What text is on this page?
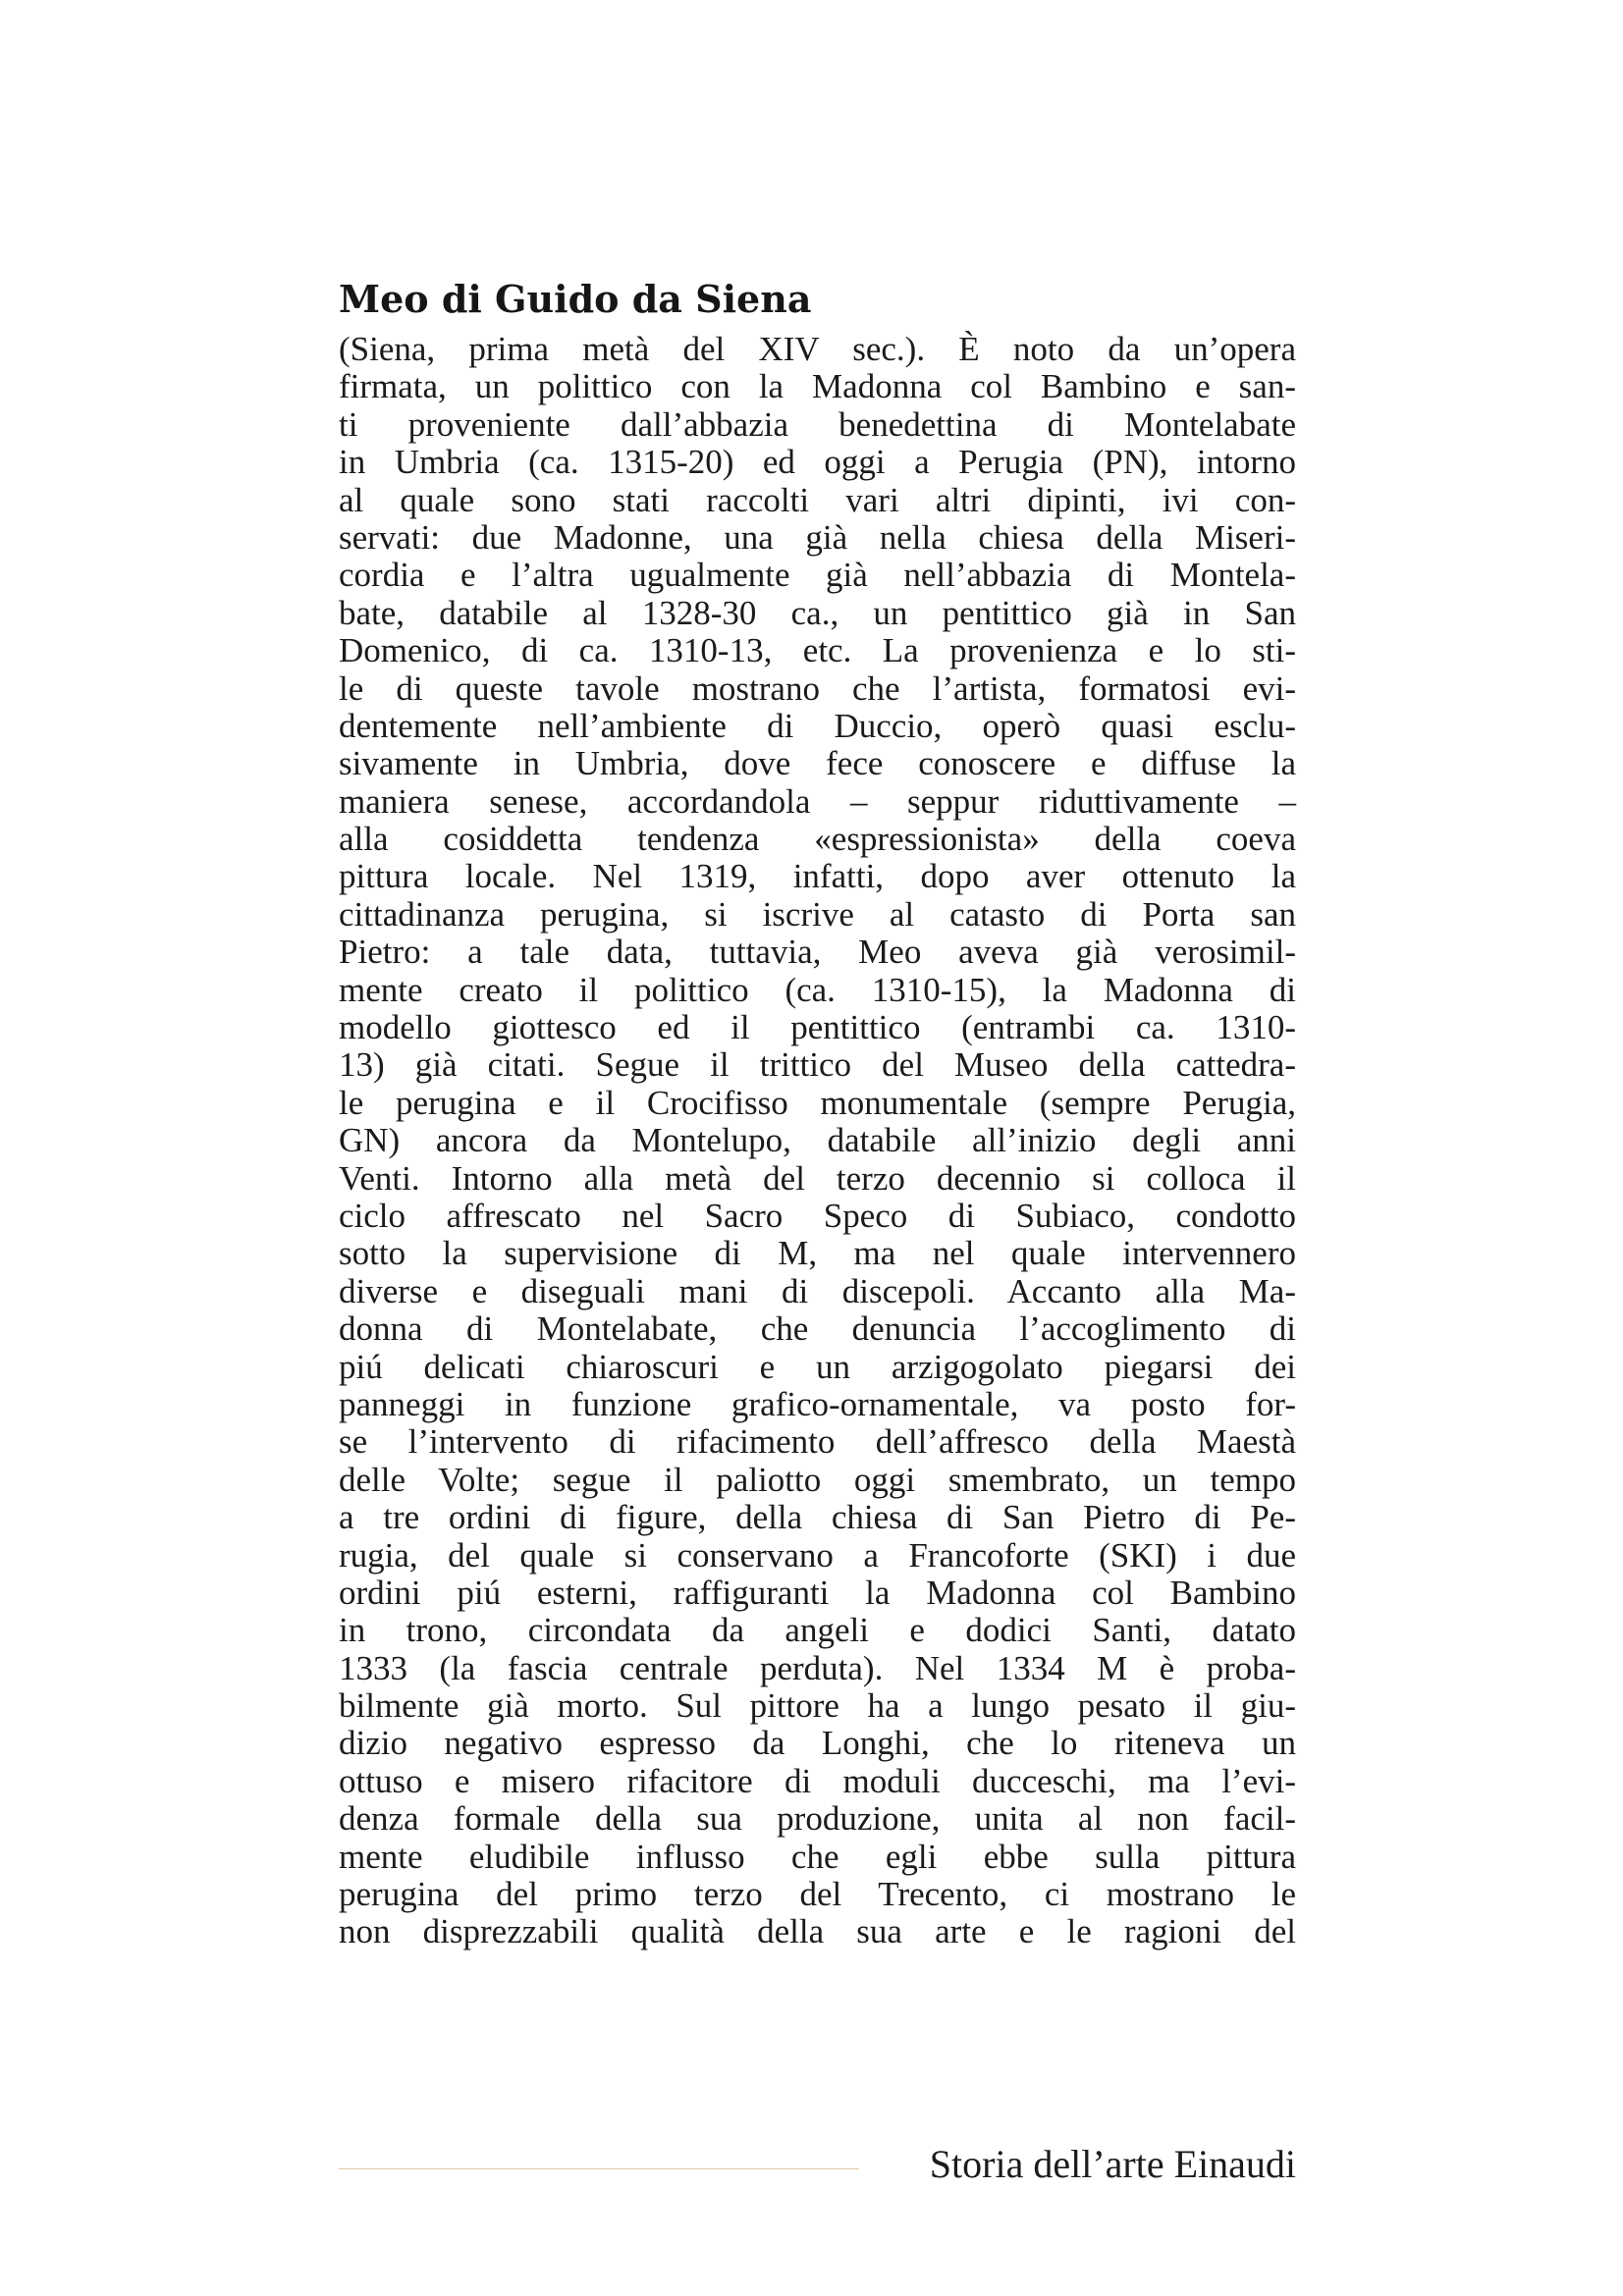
Meo di Guido da Siena
(Siena, prima metà del XIV sec.). È noto da un’opera
firmata, un polittico con la Madonna col Bambino e san-
ti proveniente dall’abbazia benedettina di Montelabate
in Umbria (ca. 1315-20) ed oggi a Perugia (PN), intorno
al quale sono stati raccolti vari altri dipinti, ivi con-
servati: due Madonne, una già nella chiesa della Miseri-
cordia e l’altra ugualmente già nell’abbazia di Montela-
bate, databile al 1328-30 ca., un pentittico già in San
Domenico, di ca. 1310-13, etc. La provenienza e lo sti-
le di queste tavole mostrano che l’artista, formatosi evi-
dentemente nell’ambiente di Duccio, operò quasi esclu-
sivamente in Umbria, dove fece conoscere e diffuse la
maniera senese, accordandola – seppur riduttivamente –
alla cosiddetta tendenza «espressionista» della coeva
pittura locale. Nel 1319, infatti, dopo aver ottenuto la
cittadinanza perugina, si iscrive al catasto di Porta san
Pietro: a tale data, tuttavia, Meo aveva già verosimil-
mente creato il polittico (ca. 1310-15), la Madonna di
modello giottesco ed il pentittico (entrambi ca. 1310-
13) già citati. Segue il trittico del Museo della cattedra-
le perugina e il Crocifisso monumentale (sempre Perugia,
GN) ancora da Montelupo, databile all’inizio degli anni
Venti. Intorno alla metà del terzo decennio si colloca il
ciclo affrescato nel Sacro Speco di Subiaco, condotto
sotto la supervisione di M, ma nel quale intervennero
diverse e diseguali mani di discepoli. Accanto alla Ma-
donna di Montelabate, che denuncia l’accoglimento di
piú delicati chiaroscuri e un arzigogolato piegarsi dei
panneggi in funzione grafico-ornamentale, va posto for-
se l’intervento di rifacimento dell’affresco della Maestà
delle Volte; segue il paliotto oggi smembrato, un tempo
a tre ordini di figure, della chiesa di San Pietro di Pe-
rugia, del quale si conservano a Francoforte (SKI) i due
ordini piú esterni, raffiguranti la Madonna col Bambino
in trono, circondata da angeli e dodici Santi, datato
1333 (la fascia centrale perduta). Nel 1334 M è proba-
bilmente già morto. Sul pittore ha a lungo pesato il giu-
dizio negativo espresso da Longhi, che lo riteneva un
ottuso e misero rifacitore di moduli ducceschi, ma l’evi-
denza formale della sua produzione, unita al non facil-
mente eludibile influsso che egli ebbe sulla pittura
perugina del primo terzo del Trecento, ci mostrano le
non disprezzabili qualità della sua arte e le ragioni del
Storia dell’arte Einaudi
